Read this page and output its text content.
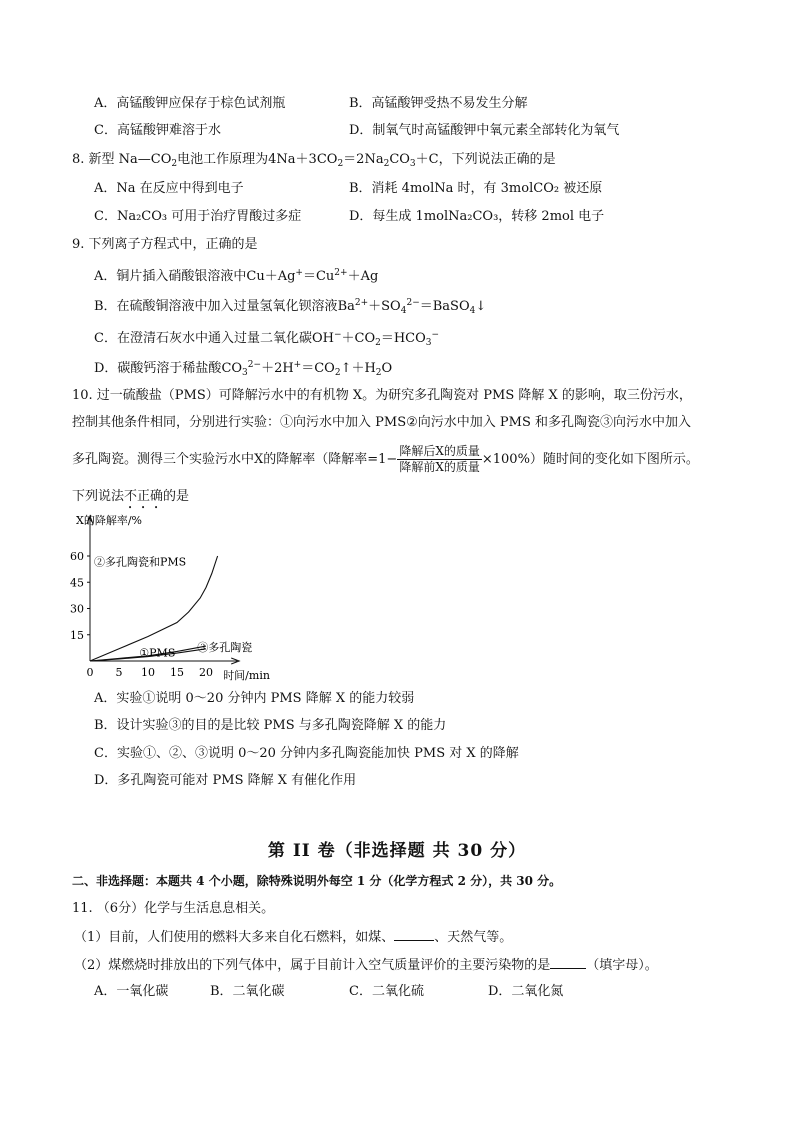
A．高锰酸钾应保存于棕色试剂瓶	B．高锰酸钾受热不易发生分解
C．高锰酸钾难溶于水	D．制氧气时高锰酸钾中氧元素全部转化为氧气
8. 新型 $Na—CO_2$电池工作原理为$4Na+3CO_2=2Na_2CO_3+C$，下列说法正确的是
A．Na 在反应中得到电子	B．消耗 4molNa 时，有 3molCO₂ 被还原
C．Na₂CO₃ 可用于治疗胃酸过多症	D．每生成 1molNa₂CO₃，转移 2mol 电子
9. 下列离子方程式中，正确的是
A．铜片插入硝酸银溶液中$Cu+Ag^+=Cu^{2+}+Ag$
B．在硫酸铜溶液中加入过量氢氧化钡溶液$Ba^{2+}+SO_4^{2-}=BaSO_4↓$
C．在澄清石灰水中通入过量二氧化碳$OH^-+CO_2=HCO_3^-$
D．碳酸钙溶于稀盐酸$CO_3^{2-}+2H^+=CO_2↑+H_2O$
10. 过一硫酸盐（PMS）可降解污水中的有机物 X。为研究多孔陶瓷对 PMS 降解 X 的影响，取三份污水，
控制其他条件相同，分别进行实验：①向污水中加入 PMS②向污水中加入 PMS 和多孔陶瓷③向污水中加入
多孔陶瓷。测得三个实验污水中X的降解率（降解率$=1- \frac{\text{降解后X的质量}}{\text{降解前X的质量}} \times 100\%$）随时间的变化如下图所示。
下列说法不正确的是
X的降解率/%
15
30
45
60
0 5 10 15 20 时间/min
②多孔陶瓷和PMS
①PMS ③多孔陶瓷
A．实验①说明 0～20 分钟内 PMS 降解 X 的能力较弱
B．设计实验③的目的是比较 PMS 与多孔陶瓷降解 X 的能力
C．实验①、②、③说明 0～20 分钟内多孔陶瓷能加快 PMS 对 X 的降解
D．多孔陶瓷可能对 PMS 降解 X 有催化作用
第 II 卷（非选择题 共 30 分）
二、非选择题：本题共 4 个小题，除特殊说明外每空 1 分（化学方程式 2 分），共 30 分。
11. （6分）化学与生活息息相关。
（1）目前，人们使用的燃料大多来自化石燃料，如煤、	、天然气等。
（2）煤燃烧时排放出的下列气体中，属于目前计入空气质量评价的主要污染物的是	（填字母）。
A．一氧化碳	B．二氧化碳	C．二氧化硫	D．二氧化氮
